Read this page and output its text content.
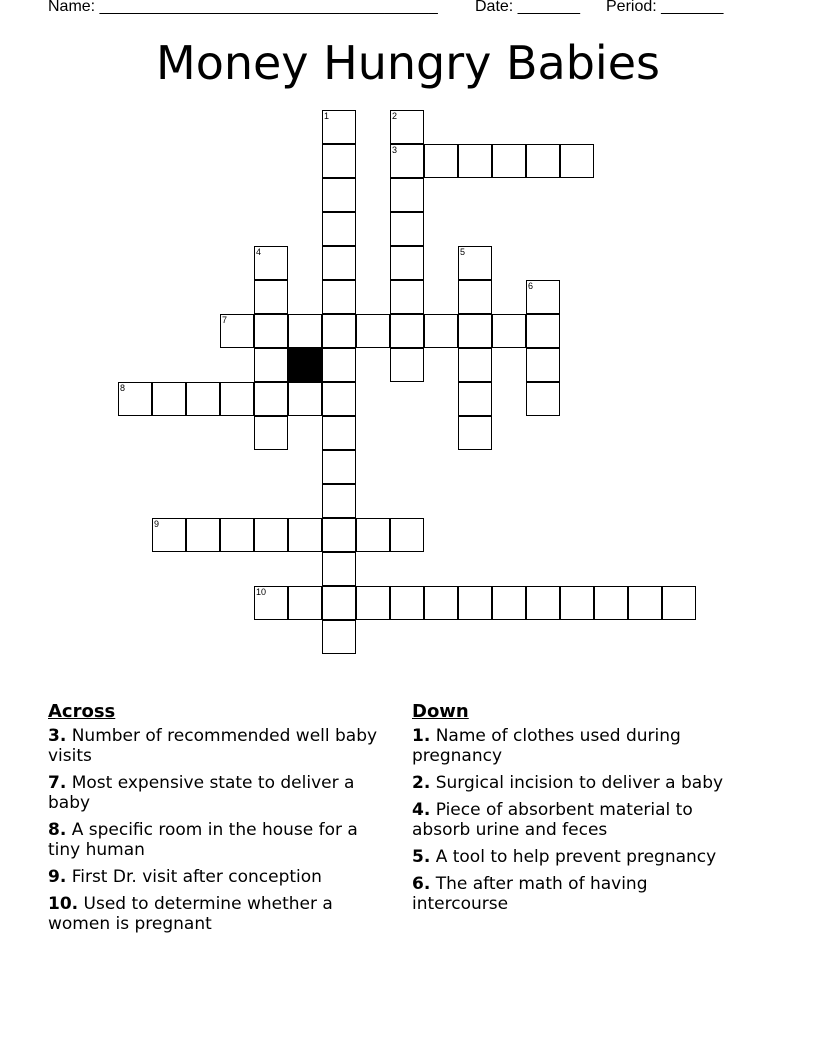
Name: ______________________________________ Date: _______ Period: _______
Money Hungry Babies
1	2
3
4	5
6
7
8
9
10
Across
3. Number of recommended well baby visits
7. Most expensive state to deliver a baby
8. A specific room in the house for a tiny human
9. First Dr. visit after conception
10. Used to determine whether a women is pregnant
Down
1. Name of clothes used during pregnancy
2. Surgical incision to deliver a baby
4. Piece of absorbent material to absorb urine and feces
5. A tool to help prevent pregnancy
6. The after math of having intercourse
